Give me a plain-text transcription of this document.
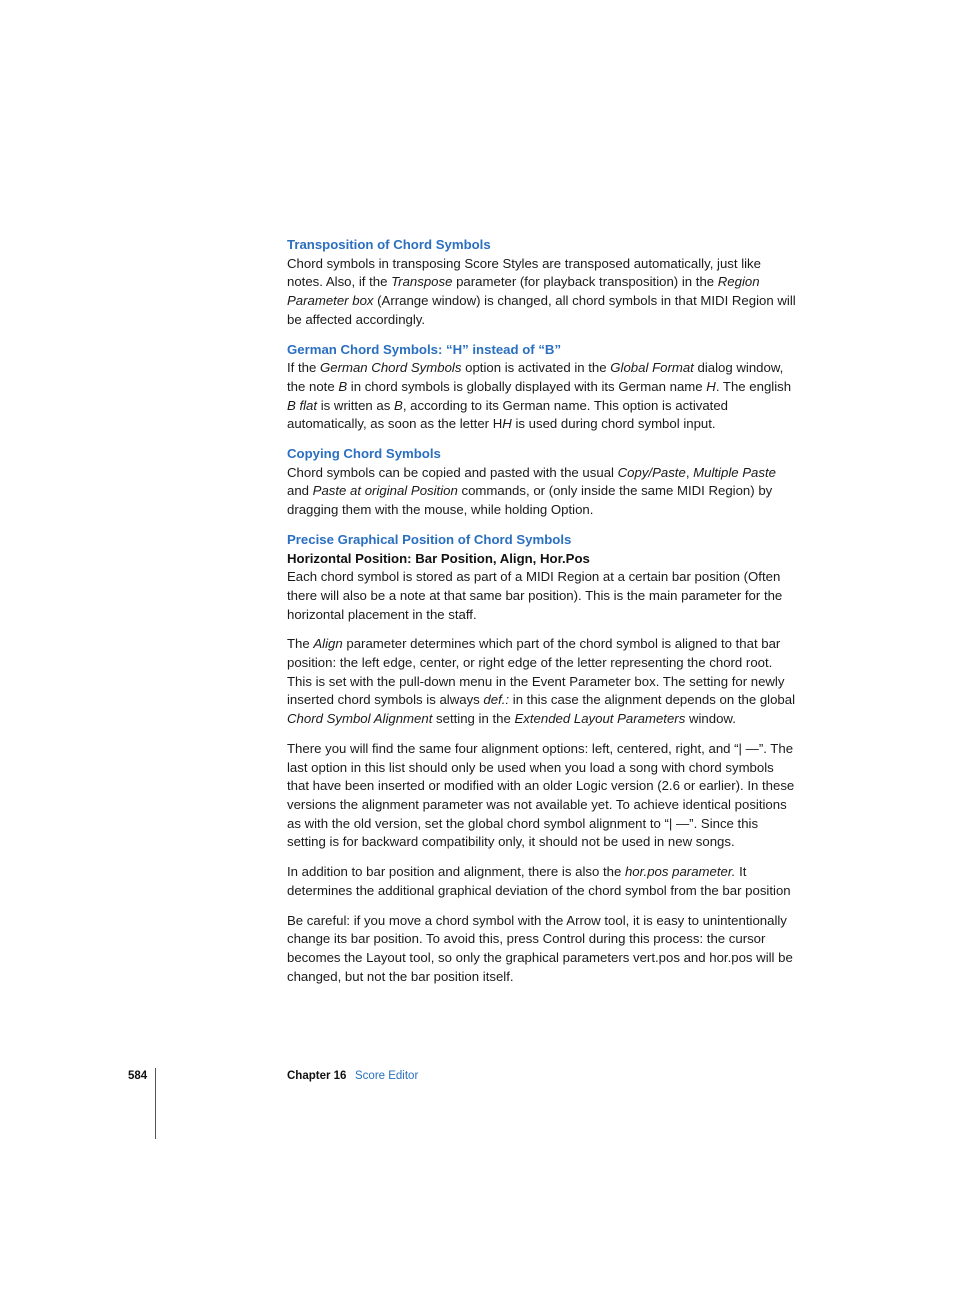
Transposition of Chord Symbols

Chord symbols in transposing Score Styles are transposed automatically, just like notes. Also, if the Transpose parameter (for playback transposition) in the Region Parameter box (Arrange window) is changed, all chord symbols in that MIDI Region will be affected accordingly.

German Chord Symbols: “H” instead of “B”

If the German Chord Symbols option is activated in the Global Format dialog window, the note B in chord symbols is globally displayed with its German name H. The english B flat is written as B, according to its German name. This option is activated automatically, as soon as the letter HH is used during chord symbol input.

Copying Chord Symbols

Chord symbols can be copied and pasted with the usual Copy/Paste, Multiple Paste and Paste at original Position commands, or (only inside the same MIDI Region) by dragging them with the mouse, while holding Option.

Precise Graphical Position of Chord Symbols

Horizontal Position: Bar Position, Align, Hor.Pos

Each chord symbol is stored as part of a MIDI Region at a certain bar position (Often there will also be a note at that same bar position). This is the main parameter for the horizontal placement in the staff.

The Align parameter determines which part of the chord symbol is aligned to that bar position: the left edge, center, or right edge of the letter representing the chord root. This is set with the pull-down menu in the Event Parameter box. The setting for newly inserted chord symbols is always def.: in this case the alignment depends on the global Chord Symbol Alignment setting in the Extended Layout Parameters window.

There you will find the same four alignment options: left, centered, right, and “| —”. The last option in this list should only be used when you load a song with chord symbols that have been inserted or modified with an older Logic version (2.6 or earlier). In these versions the alignment parameter was not available yet. To achieve identical positions as with the old version, set the global chord symbol alignment to “| —”. Since this setting is for backward compatibility only, it should not be used in new songs.

In addition to bar position and alignment, there is also the hor.pos parameter. It determines the additional graphical deviation of the chord symbol from the bar position

Be careful: if you move a chord symbol with the Arrow tool, it is easy to unintentionally change its bar position. To avoid this, press Control during this process: the cursor becomes the Layout tool, so only the graphical parameters vert.pos and hor.pos will be changed, but not the bar position itself.

584	Chapter 16 Score Editor
